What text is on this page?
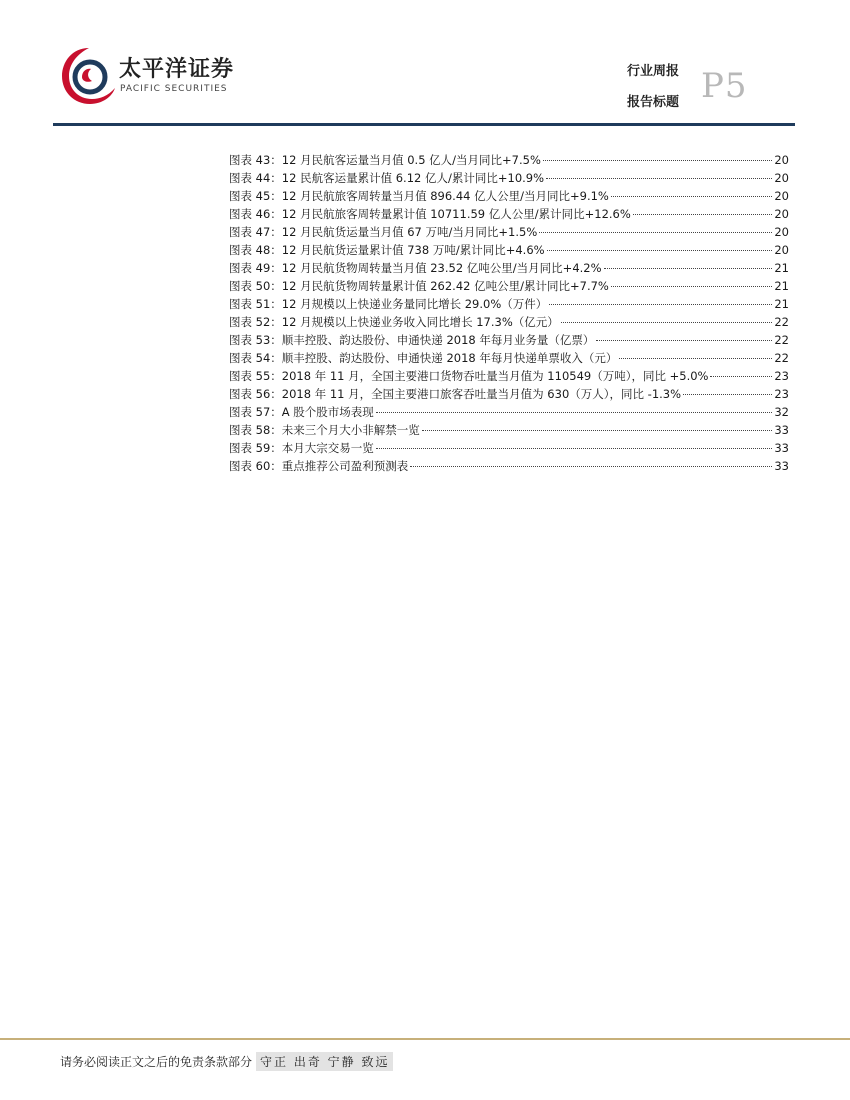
太平洋证券
PACIFIC SECURITIES
行业周报
报告标题 P5
图表 43：12 月民航客运量当月值 0.5 亿人/当月同比+7.5%	20
图表 44：12 民航客运量累计值 6.12 亿人/累计同比+10.9%	20
图表 45：12 月民航旅客周转量当月值 896.44 亿人公里/当月同比+9.1%	20
图表 46：12 月民航旅客周转量累计值 10711.59 亿人公里/累计同比+12.6%	20
图表 47：12 月民航货运量当月值 67 万吨/当月同比+1.5%	20
图表 48：12 月民航货运量累计值 738 万吨/累计同比+4.6%	20
图表 49：12 月民航货物周转量当月值 23.52 亿吨公里/当月同比+4.2%	21
图表 50：12 月民航货物周转量累计值 262.42 亿吨公里/累计同比+7.7%	21
图表 51：12 月规模以上快递业务量同比增长 29.0%（万件）	21
图表 52：12 月规模以上快递业务收入同比增长 17.3%（亿元）	22
图表 53：顺丰控股、韵达股份、申通快递 2018 年每月业务量（亿票）	22
图表 54：顺丰控股、韵达股份、申通快递 2018 年每月快递单票收入（元）	22
图表 55：2018 年 11 月，全国主要港口货物吞吐量当月值为 110549（万吨），同比 +5.0%	23
图表 56：2018 年 11 月，全国主要港口旅客吞吐量当月值为 630（万人），同比 -1.3%	23
图表 57：A 股个股市场表现	32
图表 58：未来三个月大小非解禁一览	33
图表 59：本月大宗交易一览	33
图表 60：重点推荐公司盈利预测表	33
请务必阅读正文之后的免责条款部分 守正 出奇 宁静 致远
